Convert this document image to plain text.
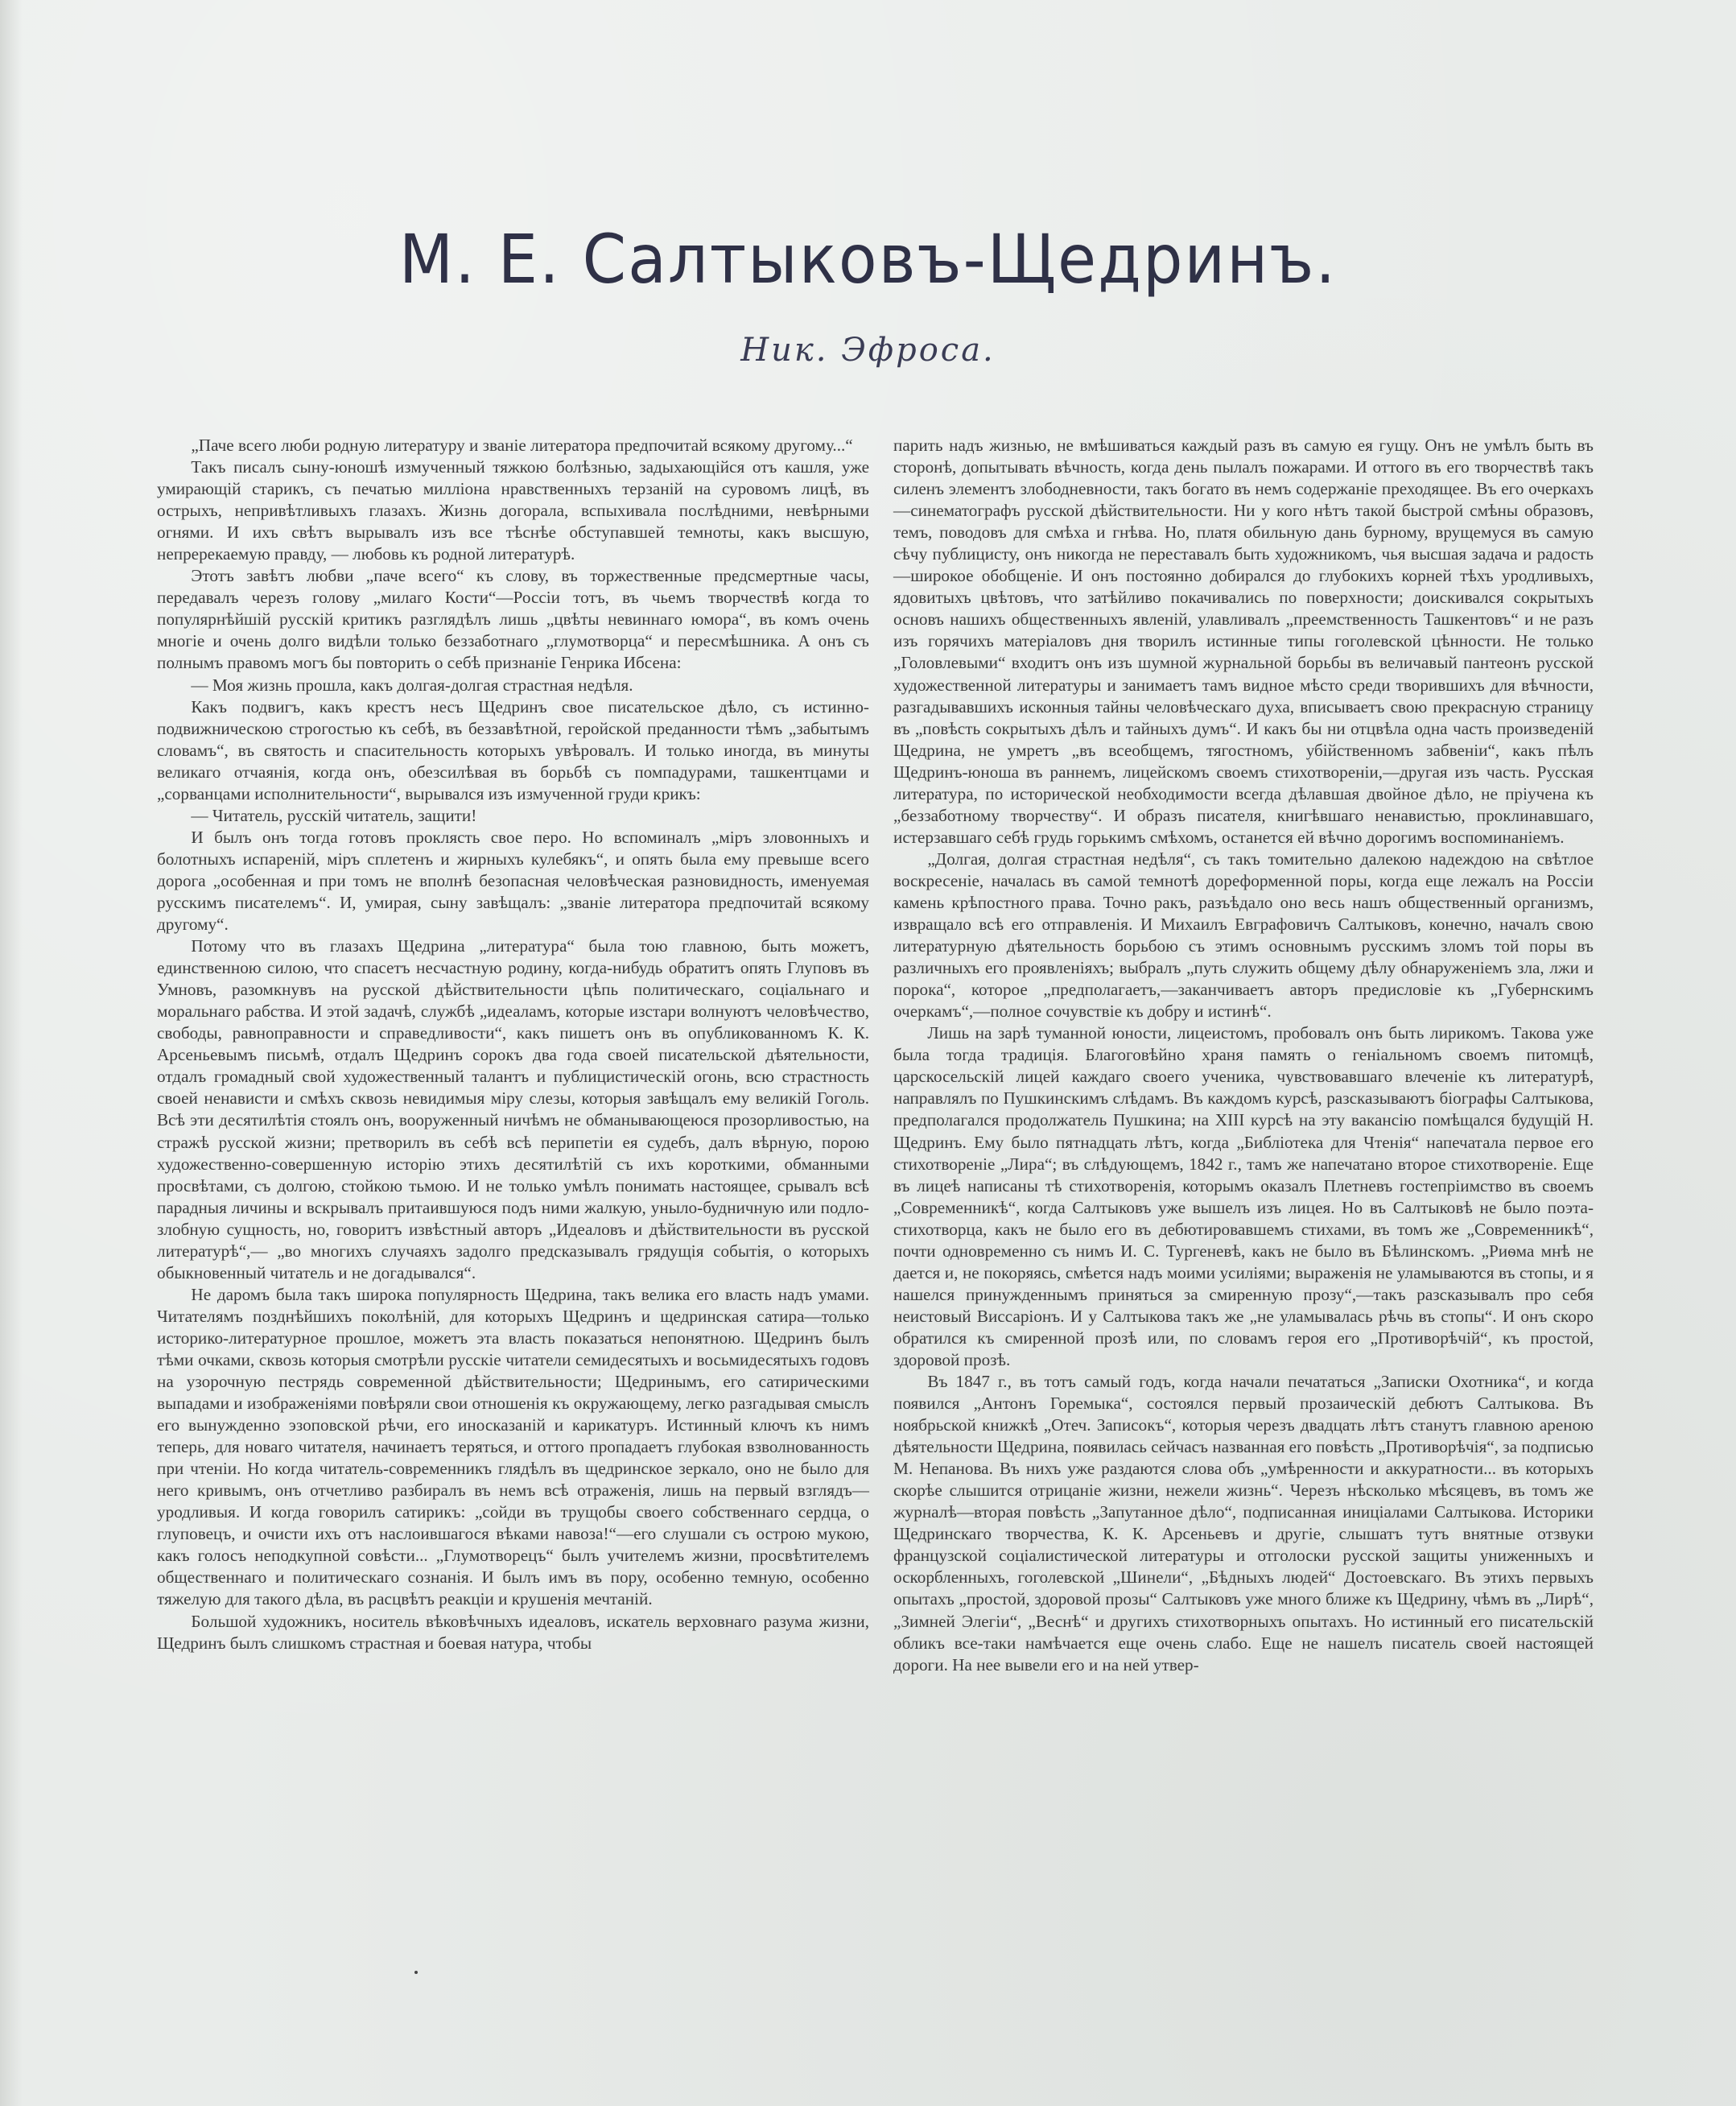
М. Е. Салтыковъ-Щедринъ.
Ник. Эфроса.

„Паче всего люби родную литературу и званіе литератора предпочитай всякому другому...“

Такъ писалъ сыну-юношѣ измученный тяжкою болѣзнью, задыхающійся отъ кашля, уже умирающій старикъ, съ печатью милліона нравственныхъ терзаній на суровомъ лицѣ, въ острыхъ, непривѣтливыхъ глазахъ. Жизнь догорала, вспыхивала послѣдними, невѣрными огнями. И ихъ свѣтъ вырывалъ изъ все тѣснѣе обступавшей темноты, какъ высшую, непререкаемую правду, — любовь къ родной литературѣ.

Этотъ завѣтъ любви „паче всего“ къ слову, въ торжественные предсмертные часы, передавалъ черезъ голову „милаго Кости“—Россіи тотъ, въ чьемъ творчествѣ когда то популярнѣйшій русскій критикъ разглядѣлъ лишь „цвѣты невиннаго юмора“, въ комъ очень многіе и очень долго видѣли только беззаботнаго „глумотворца“ и пересмѣшника. А онъ съ полнымъ правомъ могъ бы повторить о себѣ признаніе Генрика Ибсена:

— Моя жизнь прошла, какъ долгая-долгая страстная недѣля.

Какъ подвигъ, какъ крестъ несъ Щедринъ свое писательское дѣло, съ истинно-подвижническою строгостью къ себѣ, въ беззавѣтной, геройской преданности тѣмъ „забытымъ словамъ“, въ святость и спасительность которыхъ увѣровалъ. И только иногда, въ минуты великаго отчаянія, когда онъ, обезсилѣвая въ борьбѣ съ помпадурами, ташкентцами и „сорванцами исполнительности“, вырывался изъ измученной груди крикъ:

— Читатель, русскій читатель, защити!

И былъ онъ тогда готовъ проклясть свое перо. Но вспоминалъ „міръ зловонныхъ и болотныхъ испареній, міръ сплетенъ и жирныхъ кулебякъ“, и опять была ему превыше всего дорога „особенная и при томъ не вполнѣ безопасная человѣческая разновидность, именуемая русскимъ писателемъ“. И, умирая, сыну завѣщалъ: „званіе литератора предпочитай всякому другому“.

Потому что въ глазахъ Щедрина „литература“ была тою главною, быть можетъ, единственною силою, что спасетъ несчастную родину, когда-нибудь обратитъ опять Глуповъ въ Умновъ, разомкнувъ на русской дѣйствительности цѣпь политическаго, соціальнаго и моральнаго рабства. И этой задачѣ, службѣ „идеаламъ, которые изстари волнуютъ человѣчество, свободы, равноправности и справедливости“, какъ пишетъ онъ въ опубликованномъ К. К. Арсеньевымъ письмѣ, отдалъ Щедринъ сорокъ два года своей писательской дѣятельности, отдалъ громадный свой художественный талантъ и публицистическій огонь, всю страстность своей ненависти и смѣхъ сквозь невидимыя міру слезы, которыя завѣщалъ ему великій Гоголь. Всѣ эти десятилѣтія стоялъ онъ, вооруженный ничѣмъ не обманывающеюся прозорливостью, на стражѣ русской жизни; претворилъ въ себѣ всѣ перипетіи ея судебъ, далъ вѣрную, порою художественно-совершенную исторію этихъ десятилѣтій съ ихъ короткими, обманными просвѣтами, съ долгою, стойкою тьмою. И не только умѣлъ понимать настоящее, срывалъ всѣ парадныя личины и вскрывалъ притаившуюся подъ ними жалкую, уныло-будничную или подло-злобную сущность, но, говоритъ извѣстный авторъ „Идеаловъ и дѣйствительности въ русской литературѣ“,— „во многихъ случаяхъ задолго предсказывалъ грядущія событія, о которыхъ обыкновенный читатель и не догадывался“.

Не даромъ была такъ широка популярность Щедрина, такъ велика его власть надъ умами. Читателямъ позднѣйшихъ поколѣній, для которыхъ Щедринъ и щедринская сатира—только историко-литературное прошлое, можетъ эта власть показаться непонятною. Щедринъ былъ тѣми очками, сквозь которыя смотрѣли русскіе читатели семидесятыхъ и восьмидесятыхъ годовъ на узорочную пестрядь современной дѣйствительности; Щедринымъ, его сатирическими выпадами и изображеніями повѣряли свои отношенія къ окружающему, легко разгадывая смыслъ его вынужденно эзоповской рѣчи, его иносказаній и карикатуръ. Истинный ключъ къ нимъ теперь, для новаго читателя, начинаетъ теряться, и оттого пропадаетъ глубокая взволнованность при чтеніи. Но когда читатель-современникъ глядѣлъ въ щедринское зеркало, оно не было для него кривымъ, онъ отчетливо разбиралъ въ немъ всѣ отраженія, лишь на первый взглядъ—уродливыя. И когда говорилъ сатирикъ: „сойди въ трущобы своего собственнаго сердца, о глуповецъ, и очисти ихъ отъ наслоившагося вѣками навоза!“—его слушали съ острою мукою, какъ голосъ неподкупной совѣсти... „Глумотворецъ“ былъ учителемъ жизни, просвѣтителемъ общественнаго и политическаго сознанія. И былъ имъ въ пору, особенно темную, особенно тяжелую для такого дѣла, въ расцвѣтъ реакціи и крушенія мечтаній.

Большой художникъ, носитель вѣковѣчныхъ идеаловъ, искатель верховнаго разума жизни, Щедринъ былъ слишкомъ страстная и боевая натура, чтобы

парить надъ жизнью, не вмѣшиваться каждый разъ въ самую ея гущу. Онъ не умѣлъ быть въ сторонѣ, допытывать вѣчность, когда день пылалъ пожарами. И оттого въ его творчествѣ такъ силенъ элементъ злободневности, такъ богато въ немъ содержаніе преходящее. Въ его очеркахъ—синематографъ русской дѣйствительности. Ни у кого нѣтъ такой быстрой смѣны образовъ, темъ, поводовъ для смѣха и гнѣва. Но, платя обильную дань бурному, врущемуся въ самую сѣчу публицисту, онъ никогда не переставалъ быть художникомъ, чья высшая задача и радость—широкое обобщеніе. И онъ постоянно добирался до глубокихъ корней тѣхъ уродливыхъ, ядовитыхъ цвѣтовъ, что затѣйливо покачивались по поверхности; доискивался сокрытыхъ основъ нашихъ общественныхъ явленій, улавливалъ „преемственность Ташкентовъ“ и не разъ изъ горячихъ матеріаловъ дня творилъ истинные типы гоголевской цѣнности. Не только „Головлевыми“ входитъ онъ изъ шумной журнальной борьбы въ величавый пантеонъ русской художественной литературы и занимаетъ тамъ видное мѣсто среди творившихъ для вѣчности, разгадывавшихъ исконныя тайны человѣческаго духа, вписываетъ свою прекрасную страницу въ „повѣсть сокрытыхъ дѣлъ и тайныхъ думъ“. И какъ бы ни отцвѣла одна часть произведеній Щедрина, не умретъ „въ всеобщемъ, тягостномъ, убійственномъ забвеніи“, какъ пѣлъ Щедринъ-юноша въ раннемъ, лицейскомъ своемъ стихотвореніи,—другая изъ часть. Русская литература, по исторической необходимости всегда дѣлавшая двойное дѣло, не пріучена къ „беззаботному творчеству“. И образъ писателя, книгѣвшаго ненавистью, проклинавшаго, истерзавшаго себѣ грудь горькимъ смѣхомъ, останется ей вѣчно дорогимъ воспоминаніемъ.

„Долгая, долгая страстная недѣля“, съ такъ томительно далекою надеждою на свѣтлое воскресеніе, началась въ самой темнотѣ дореформенной поры, когда еще лежалъ на Россіи камень крѣпостного права. Точно ракъ, разъѣдало оно весь нашъ общественный организмъ, извращало всѣ его отправленія. И Михаилъ Евграфовичъ Салтыковъ, конечно, началъ свою литературную дѣятельность борьбою съ этимъ основнымъ русскимъ зломъ той поры въ различныхъ его проявленіяхъ; выбралъ „путь служить общему дѣлу обнаруженіемъ зла, лжи и порока“, которое „предполагаетъ,—заканчиваетъ авторъ предисловіе къ „Губернскимъ очеркамъ“,—полное сочувствіе къ добру и истинѣ“.

Лишь на зарѣ туманной юности, лицеистомъ, пробовалъ онъ быть лирикомъ. Такова уже была тогда традиція. Благоговѣйно храня память о геніальномъ своемъ питомцѣ, царскосельскій лицей каждаго своего ученика, чувствовавшаго влеченіе къ литературѣ, направлялъ по Пушкинскимъ слѣдамъ. Въ каждомъ курсѣ, разсказываютъ біографы Салтыкова, предполагался продолжатель Пушкина; на XIII курсѣ на эту вакансію помѣщался будущій Н. Щедринъ. Ему было пятнадцать лѣтъ, когда „Библіотека для Чтенія“ напечатала первое его стихотвореніе „Лира“; въ слѣдующемъ, 1842 г., тамъ же напечатано второе стихотвореніе. Еще въ лицеѣ написаны тѣ стихотворенія, которымъ оказалъ Плетневъ гостепріимство въ своемъ „Современникѣ“, когда Салтыковъ уже вышелъ изъ лицея. Но въ Салтыковѣ не было поэта-стихотворца, какъ не было его въ дебютировавшемъ стихами, въ томъ же „Современникѣ“, почти одновременно съ нимъ И. С. Тургеневѣ, какъ не было въ Бѣлинскомъ. „Риѳма мнѣ не дается и, не покоряясь, смѣется надъ моими усиліями; выраженія не уламываются въ стопы, и я нашелся принужденнымъ приняться за смиренную прозу“,—такъ разсказывалъ про себя неистовый Виссаріонъ. И у Салтыкова такъ же „не уламывалась рѣчь въ стопы“. И онъ скоро обратился къ смиренной прозѣ или, по словамъ героя его „Противорѣчій“, къ простой, здоровой прозѣ.

Въ 1847 г., въ тотъ самый годъ, когда начали печататься „Записки Охотника“, и когда появился „Антонъ Горемыка“, состоялся первый прозаическій дебютъ Салтыкова. Въ ноябрьской книжкѣ „Отеч. Записокъ“, которыя черезъ двадцать лѣтъ станутъ главною ареною дѣятельности Щедрина, появилась сейчасъ названная его повѣсть „Противорѣчія“, за подписью М. Непанова. Въ нихъ уже раздаются слова объ „умѣренности и аккуратности... въ которыхъ скорѣе слышится отрицаніе жизни, нежели жизнь“. Черезъ нѣсколько мѣсяцевъ, въ томъ же журналѣ—вторая повѣсть „Запутанное дѣло“, подписанная иниціалами Салтыкова. Историки Щедринскаго творчества, К. К. Арсеньевъ и другіе, слышатъ тутъ внятные отзвуки французской соціалистической литературы и отголоски русской защиты униженныхъ и оскорбленныхъ, гоголевской „Шинели“, „Бѣдныхъ людей“ Достоевскаго. Въ этихъ первыхъ опытахъ „простой, здоровой прозы“ Салтыковъ уже много ближе къ Щедрину, чѣмъ въ „Лирѣ“, „Зимней Элегіи“, „Веснѣ“ и другихъ стихотворныхъ опытахъ. Но истинный его писательскій обликъ все-таки намѣчается еще очень слабо. Еще не нашелъ писатель своей настоящей дороги. На нее вывели его и на ней утвер-
